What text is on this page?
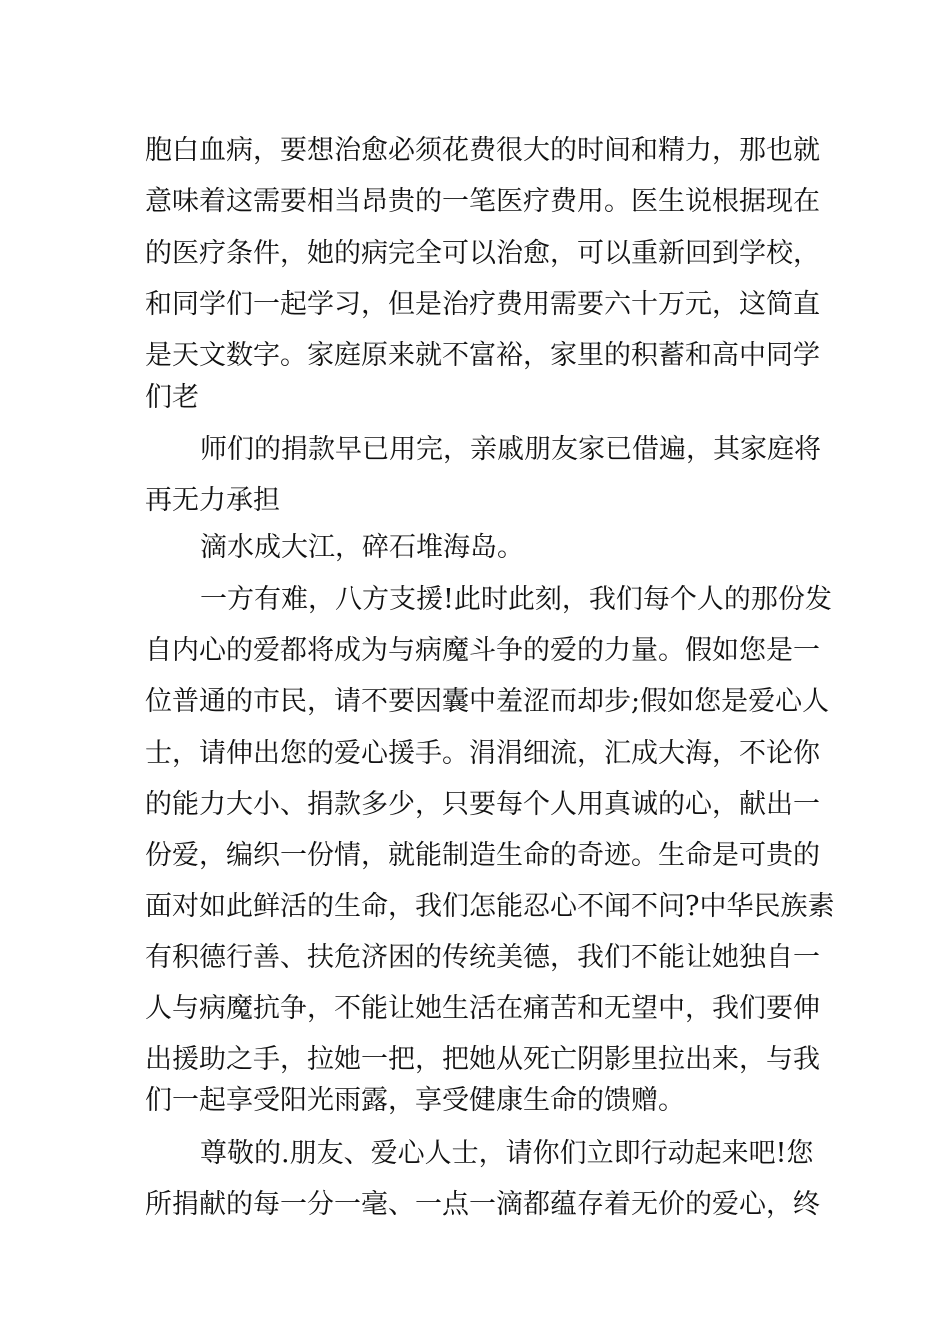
胞白血病，要想治愈必须花费很大的时间和精力，那也就
意味着这需要相当昂贵的一笔医疗费用。医生说根据现在
的医疗条件，她的病完全可以治愈，可以重新回到学校，
和同学们一起学习，但是治疗费用需要六十万元，这简直
是天文数字。家庭原来就不富裕，家里的积蓄和高中同学
们老
师们的捐款早已用完，亲戚朋友家已借遍，其家庭将
再无力承担
滴水成大江，碎石堆海岛。
一方有难，八方支援!此时此刻，我们每个人的那份发
自内心的爱都将成为与病魔斗争的爱的力量。假如您是一
位普通的市民，请不要因囊中羞涩而却步;假如您是爱心人
士，请伸出您的爱心援手。涓涓细流，汇成大海，不论你
的能力大小、捐款多少，只要每个人用真诚的心，献出一
份爱，编织一份情，就能制造生命的奇迹。生命是可贵的
面对如此鲜活的生命，我们怎能忍心不闻不问?中华民族素
有积德行善、扶危济困的传统美德，我们不能让她独自一
人与病魔抗争，不能让她生活在痛苦和无望中，我们要伸
出援助之手，拉她一把，把她从死亡阴影里拉出来，与我
们一起享受阳光雨露，享受健康生命的馈赠。
尊敬的.朋友、爱心人士，请你们立即行动起来吧!您
所捐献的每一分一毫、一点一滴都蕴存着无价的爱心，终
